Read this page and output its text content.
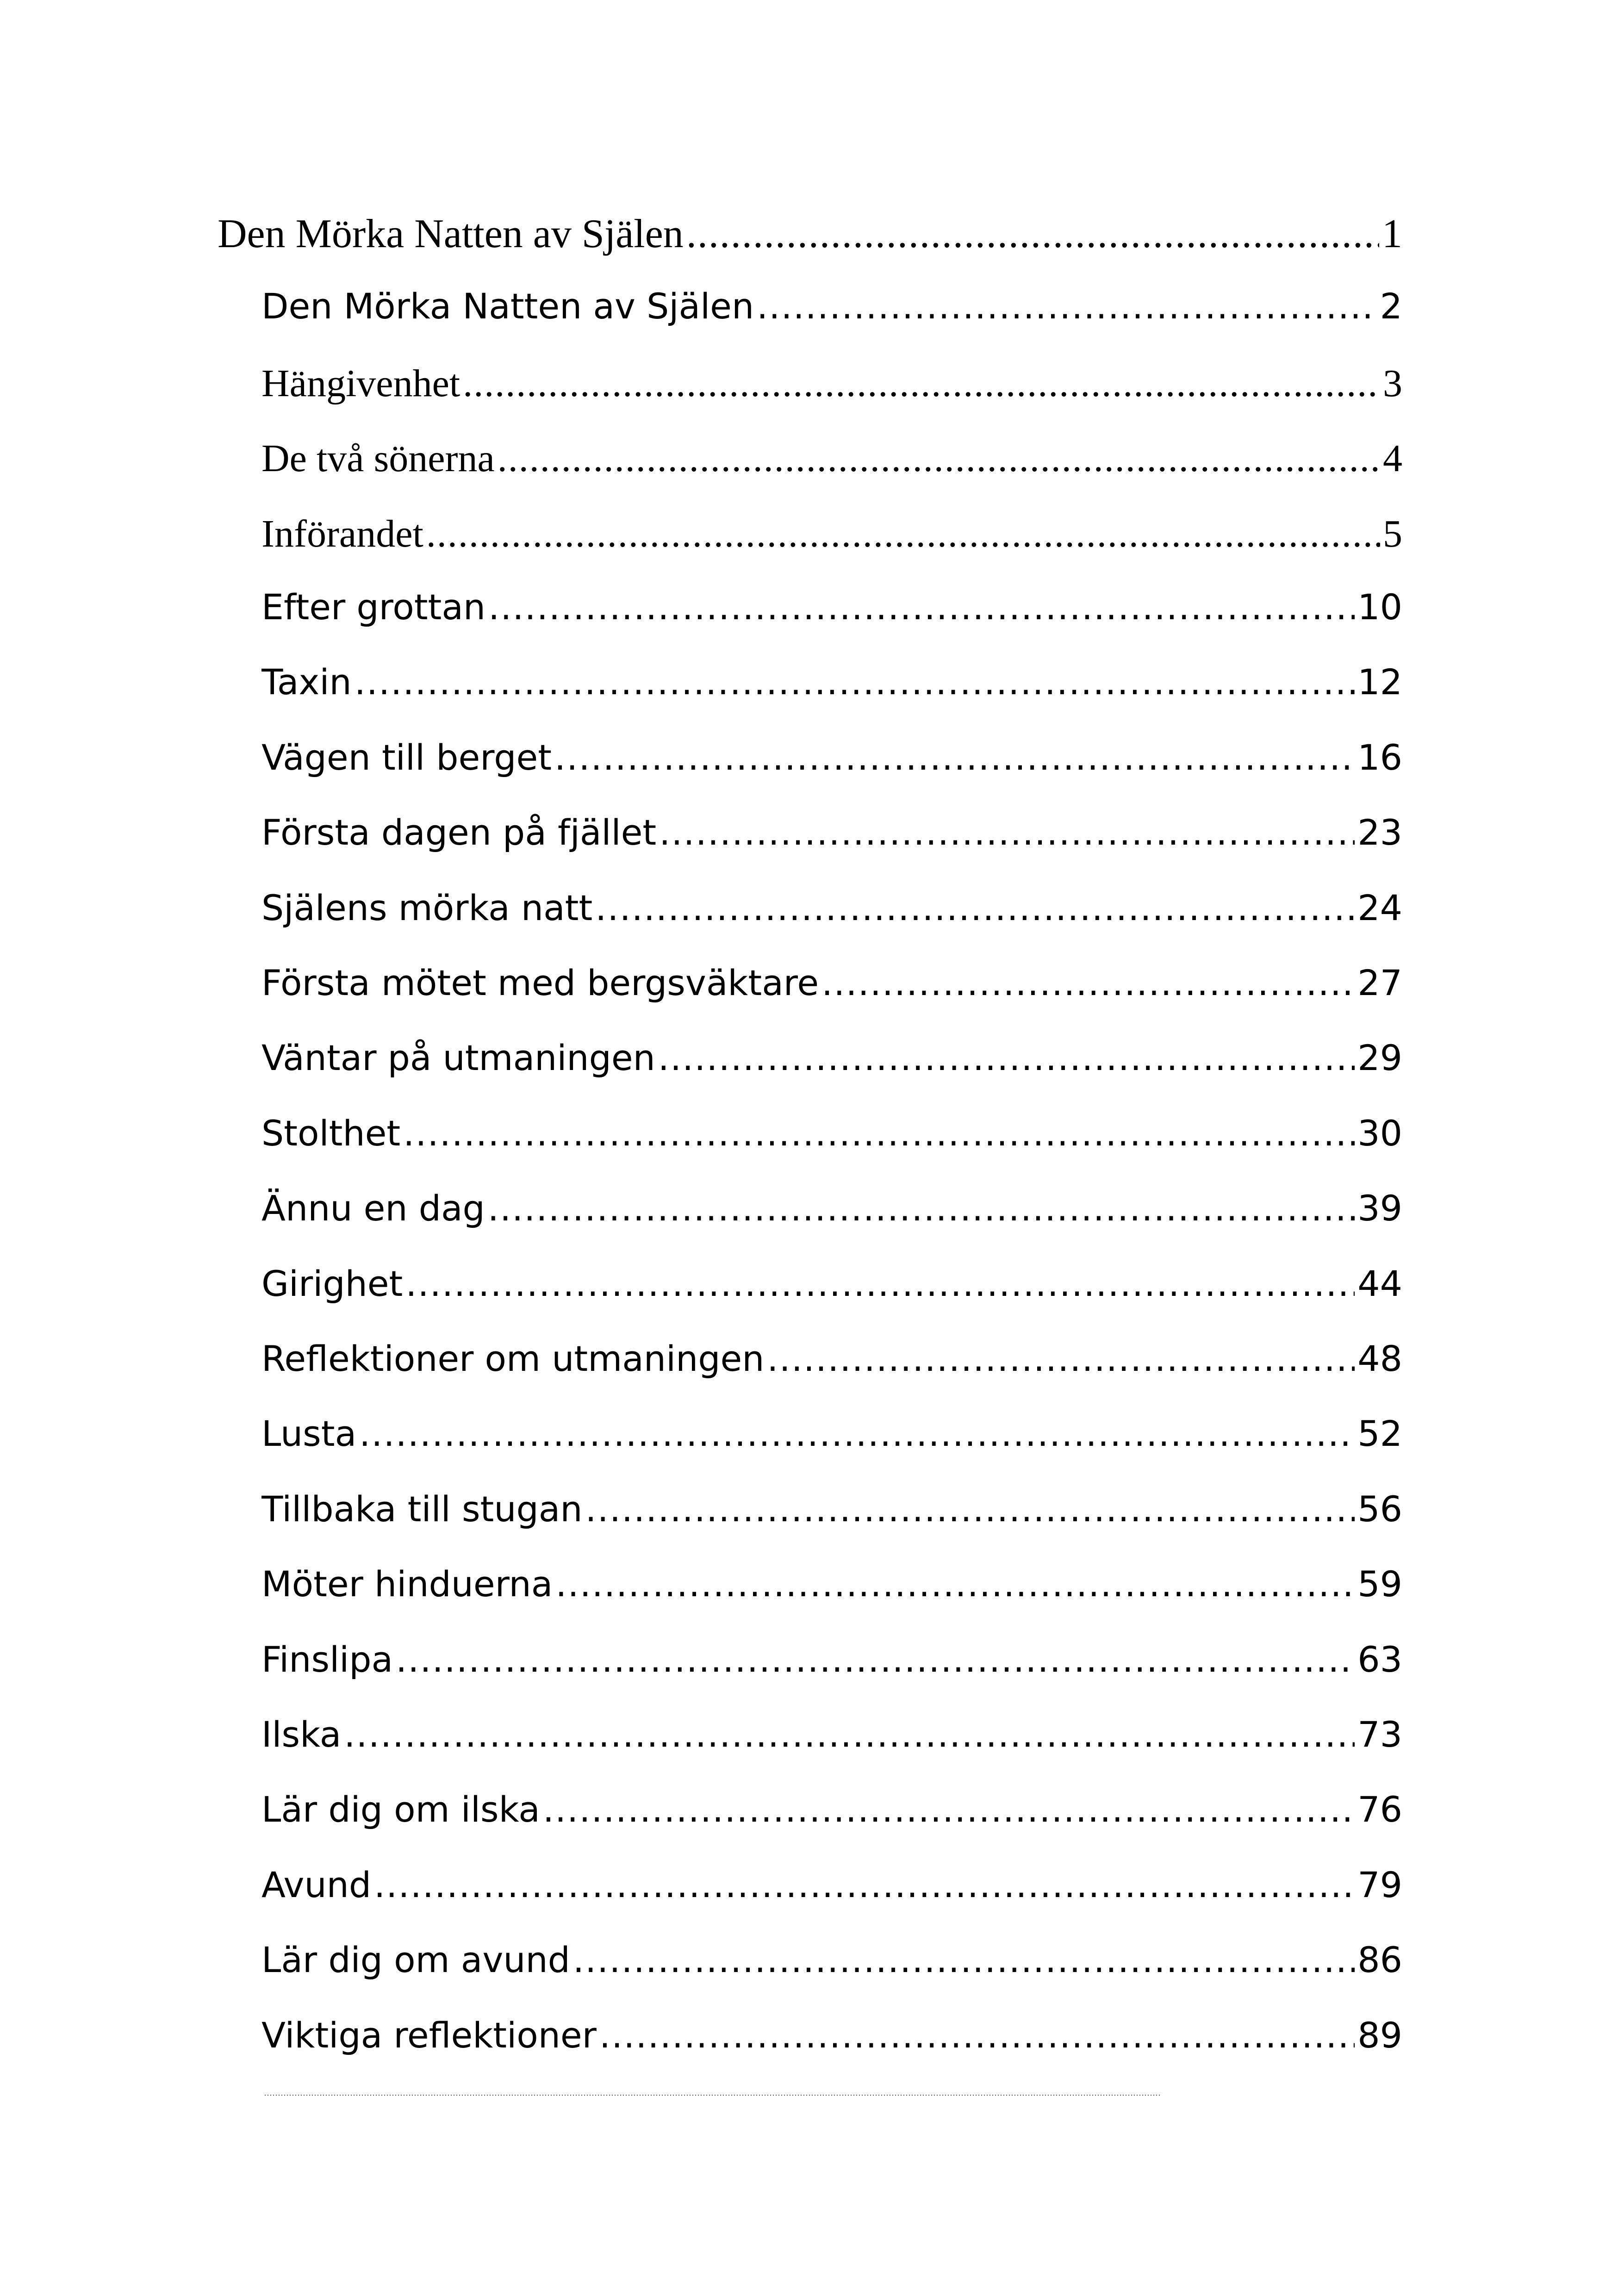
Den Mörka Natten av Själen .....	1
Den Mörka Natten av Själen .....	2
Hängivenhet .....	3
De två sönerna .....	4
Införandet .....	5
Efter grottan .....	10
Taxin .....	12
Vägen till berget .....	16
Första dagen på fjället .....	23
Själens mörka natt .....	24
Första mötet med bergsväktare .....	27
Väntar på utmaningen .....	29
Stolthet .....	30
Ännu en dag .....	39
Girighet .....	44
Reflektioner om utmaningen .....	48
Lusta .....	52
Tillbaka till stugan .....	56
Möter hinduerna .....	59
Finslipa .....	63
Ilska .....	73
Lär dig om ilska .....	76
Avund .....	79
Lär dig om avund .....	86
Viktiga reflektioner .....	89
.....
